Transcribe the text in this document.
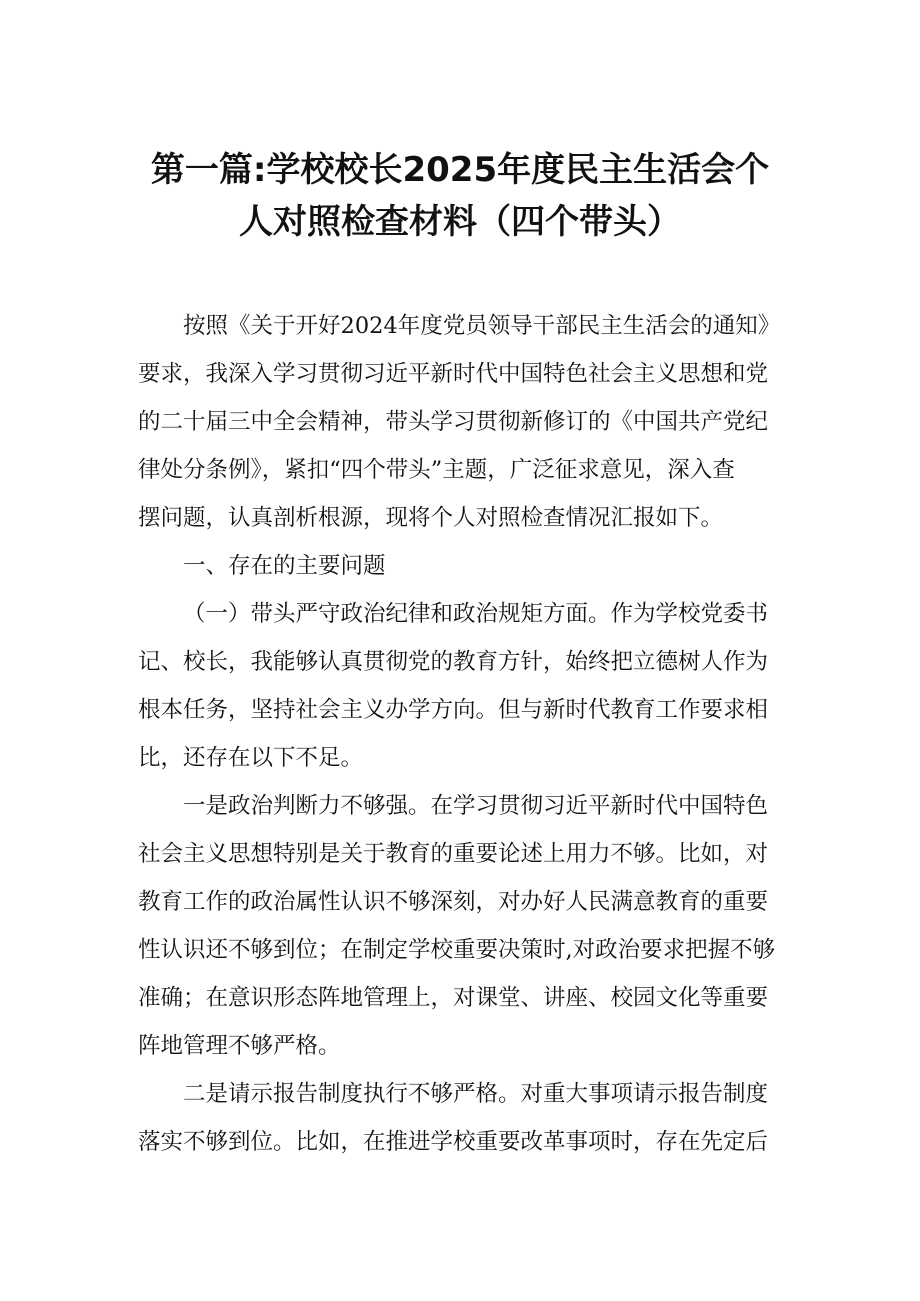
第一篇:学校校长2025年度民主生活会个
人对照检查材料（四个带头）
按照《关于开好2024年度党员领导干部民主生活会的通知》
要求，我深入学习贯彻习近平新时代中国特色社会主义思想和党
的二十届三中全会精神，带头学习贯彻新修订的《中国共产党纪
律处分条例》，紧扣“四个带头”主题，广泛征求意见，深入查
摆问题，认真剖析根源，现将个人对照检查情况汇报如下。
一、存在的主要问题
（一）带头严守政治纪律和政治规矩方面。作为学校党委书
记、校长，我能够认真贯彻党的教育方针，始终把立德树人作为
根本任务，坚持社会主义办学方向。但与新时代教育工作要求相
比，还存在以下不足。
一是政治判断力不够强。在学习贯彻习近平新时代中国特色
社会主义思想特别是关于教育的重要论述上用力不够。比如，对
教育工作的政治属性认识不够深刻，对办好人民满意教育的重要
性认识还不够到位；在制定学校重要决策时,对政治要求把握不够
准确；在意识形态阵地管理上，对课堂、讲座、校园文化等重要
阵地管理不够严格。
二是请示报告制度执行不够严格。对重大事项请示报告制度
落实不够到位。比如，在推进学校重要改革事项时，存在先定后
